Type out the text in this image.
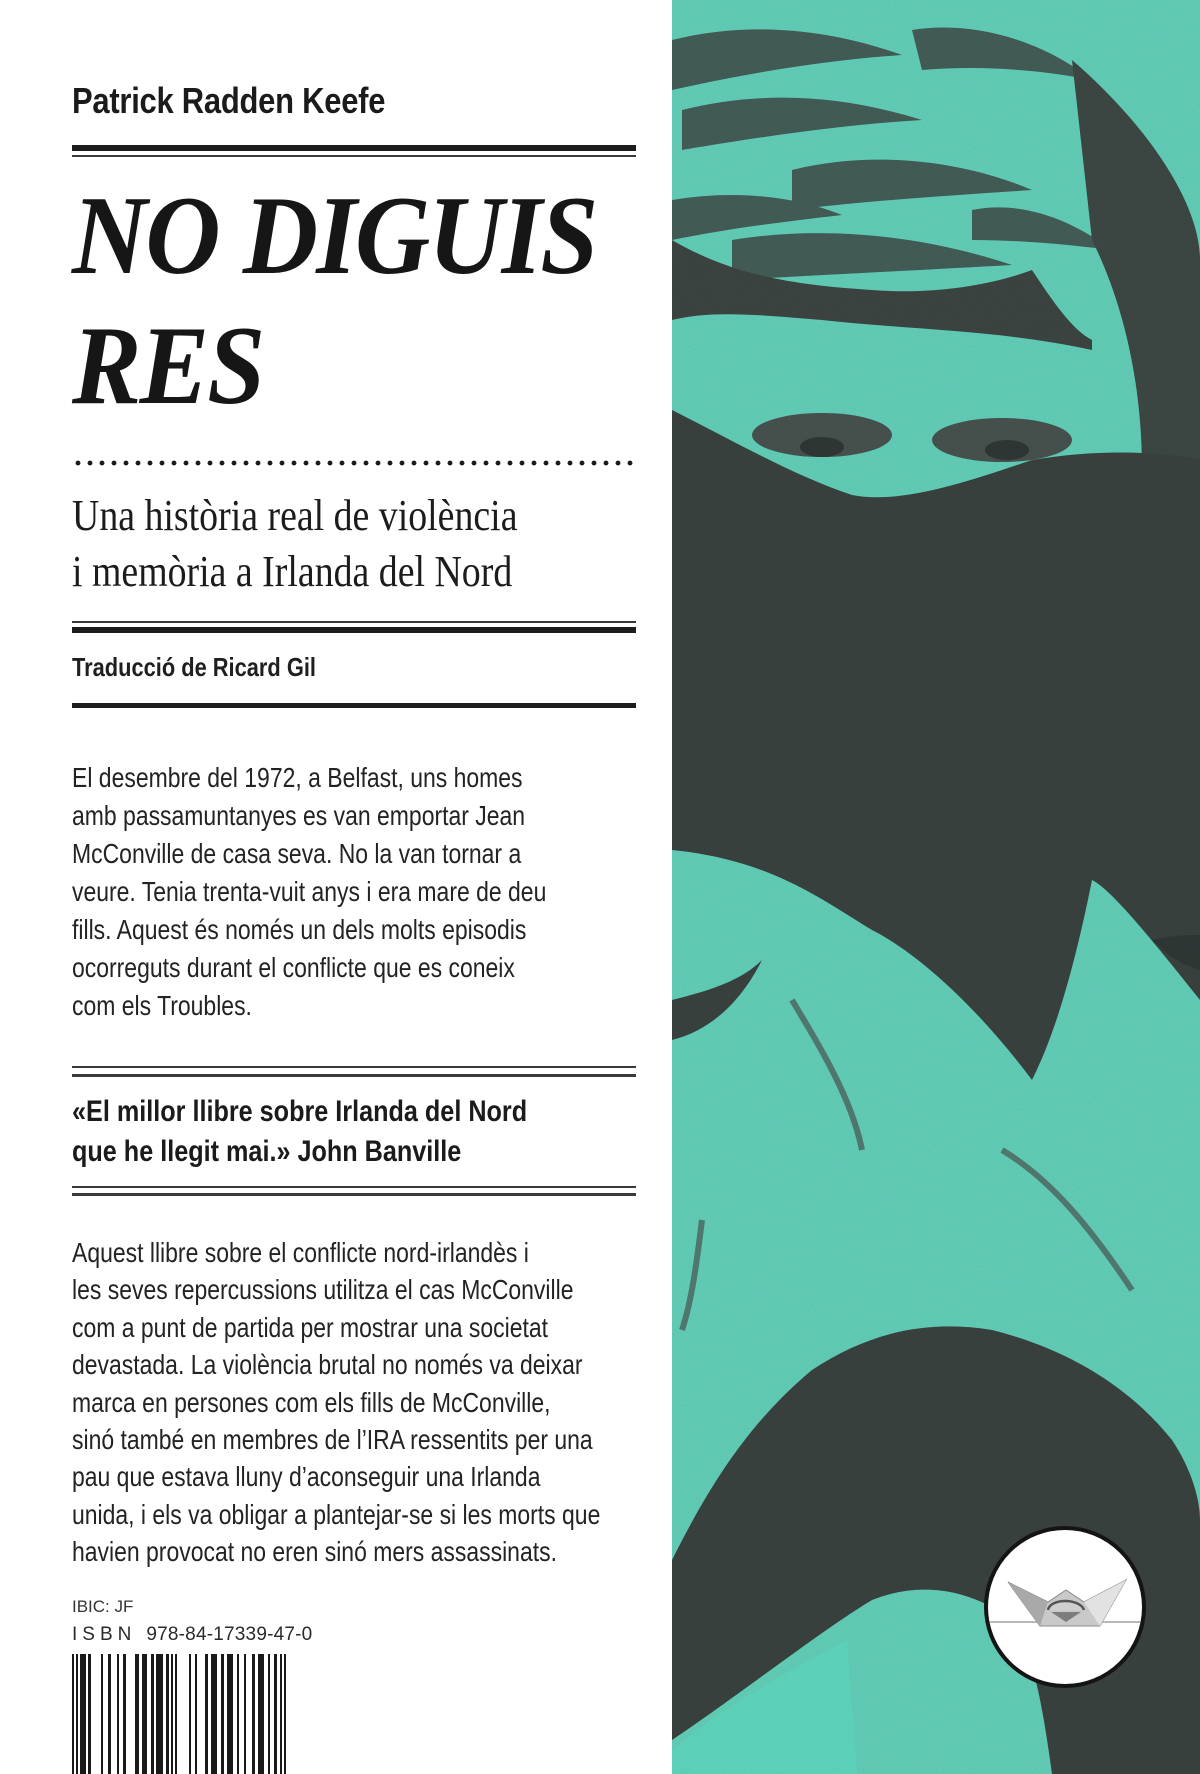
Patrick Radden Keefe
NO DIGUIS
RES
Una història real de violència
i memòria a Irlanda del Nord
Traducció de Ricard Gil
El desembre del 1972, a Belfast, uns homes
amb passamuntanyes es van emportar Jean
McConville de casa seva. No la van tornar a
veure. Tenia trenta-vuit anys i era mare de deu
fills. Aquest és només un dels molts episodis
ocorreguts durant el conflicte que es coneix
com els Troubles.
«El millor llibre sobre Irlanda del Nord
que he llegit mai.» John Banville
Aquest llibre sobre el conflicte nord-irlandès i
les seves repercussions utilitza el cas McConville
com a punt de partida per mostrar una societat
devastada. La violència brutal no només va deixar
marca en persones com els fills de McConville,
sinó també en membres de l’IRA ressentits per una
pau que estava lluny d’aconseguir una Irlanda
unida, i els va obligar a plantejar-se si les morts que
havien provocat no eren sinó mers assassinats.
IBIC: JF
ISBN 978-84-17339-47-0
